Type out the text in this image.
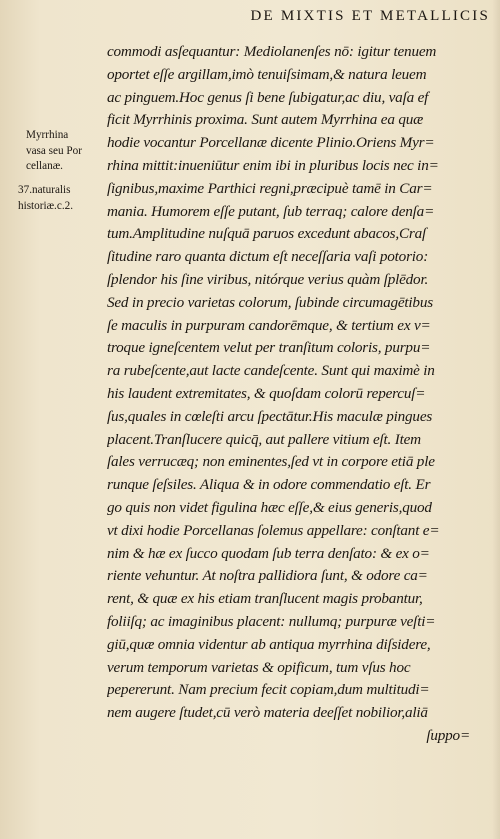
DE MIXTIS ET METALLICIS
Myrrhina
vasa seu Por
cellanæ.
37.naturalis
historiæ.c.2.
commodi asſequantur: Mediolanenſes nō: igitur tenuem
oportet eſſe argillam,imò tenuiſsimam,& natura leuem
ac pinguem.Hoc genus ſi bene ſubigatur,ac diu, vaſa ef
ficit Myrrhinis proxima. Sunt autem Myrrhina ea quæ
hodie vocantur Porcellanæ dicente Plinio.Oriens Myr=
rhina mittit:inueniūtur enim ibi in pluribus locis nec in=
ſignibus,maxime Parthici regni,præcipuè tamē in Car=
mania. Humorem eſſe putant, ſub terraq; calore denſa=
tum.Amplitudine nuſquā paruos excedunt abacos,Craſ
ſitudine raro quanta dictum eſt neceſſaria vaſi potorio:
ſplendor his ſine viribus, nitórque verius quàm ſplēdor.
Sed in precio varietas colorum, ſubinde circumagētibus
ſe maculis in purpuram candorēmque, & tertium ex v=
troque igneſcentem velut per tranſitum coloris, purpu=
ra rubeſcente,aut lacte candeſcente. Sunt qui maximè in
his laudent extremitates, & quoſdam colorū repercuſ=
ſus,quales in cœleſti arcu ſpectātur.His maculæ pingues
placent.Tranſlucere quicq̄, aut pallere vitium eſt. Item
ſales verrucæq; non eminentes,ſed vt in corpore etiā ple
runque ſeſsiles. Aliqua & in odore commendatio eſt. Er
go quis non videt figulina hæc eſſe,& eius generis,quod
vt dixi hodie Porcellanas ſolemus appellare: conſtant e=
nim & hæ ex ſucco quodam ſub terra denſato: & ex o=
riente vehuntur. At noſtra pallidiora ſunt, & odore ca=
rent, & quæ ex his etiam tranſlucent magis probantur,
foliiſq; ac imaginibus placent: nullumq; purpuræ veſti=
giū,quæ omnia videntur ab antiqua myrrhina diſsidere,
verum temporum varietas & opificum, tum vſus hoc
pepererunt. Nam precium fecit copiam,dum multitudi=
nem augere ſtudet,cū verò materia deeſſet nobilior,aliā
ſuppo=
